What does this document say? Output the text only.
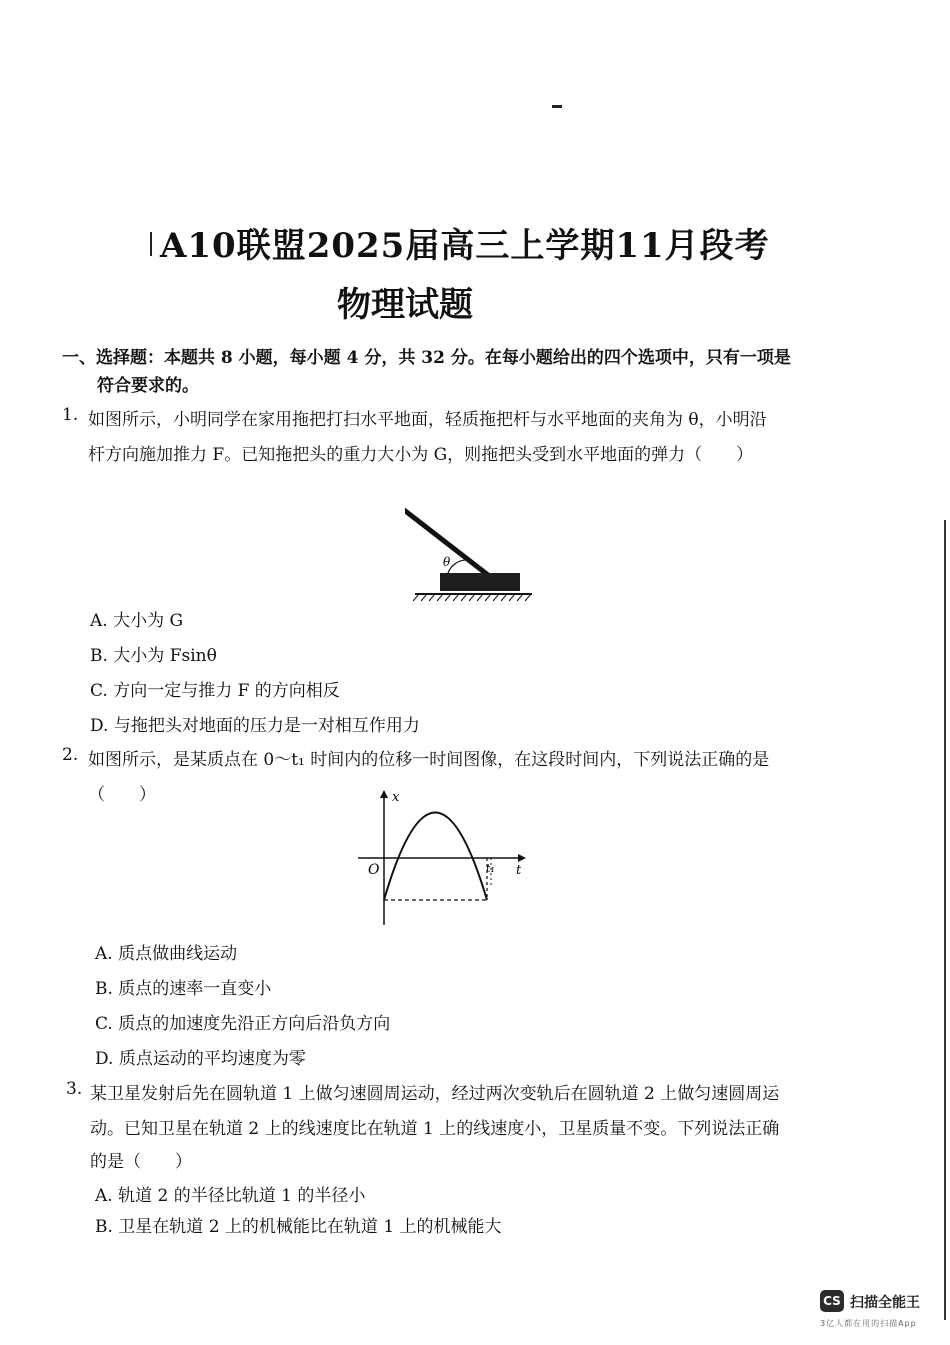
A10联盟2025届高三上学期11月段考
物理试题
一、选择题：本题共 8 小题，每小题 4 分，共 32 分。在每小题给出的四个选项中，只有一项是
符合要求的。
1. 如图所示，小明同学在家用拖把打扫水平地面，轻质拖把杆与水平地面的夹角为 θ，小明沿
杆方向施加推力 F。已知拖把头的重力大小为 G，则拖把头受到水平地面的弹力（　　）
θ
A. 大小为 G
B. 大小为 Fsinθ
C. 方向一定与推力 F 的方向相反
D. 与拖把头对地面的压力是一对相互作用力
2. 如图所示，是某质点在 0～t₁ 时间内的位移一时间图像，在这段时间内，下列说法正确的是
（　　）	x
t
O	t₁
A. 质点做曲线运动
B. 质点的速率一直变小
C. 质点的加速度先沿正方向后沿负方向
D. 质点运动的平均速度为零
3. 某卫星发射后先在圆轨道 1 上做匀速圆周运动，经过两次变轨后在圆轨道 2 上做匀速圆周运
动。已知卫星在轨道 2 上的线速度比在轨道 1 上的线速度小，卫星质量不变。下列说法正确
的是（　　）
A. 轨道 2 的半径比轨道 1 的半径小
B. 卫星在轨道 2 上的机械能比在轨道 1 上的机械能大
CS 扫描全能王
3亿人都在用的扫描App
